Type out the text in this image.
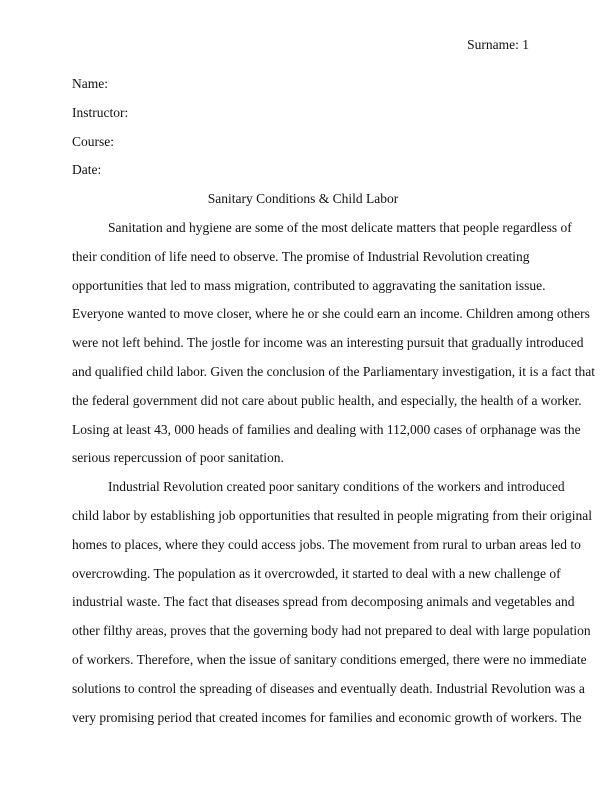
Surname: 1

Name:

Instructor:

Course:

Date:

Sanitary Conditions & Child Labor

Sanitation and hygiene are some of the most delicate matters that people regardless of
their condition of life need to observe. The promise of Industrial Revolution creating
opportunities that led to mass migration, contributed to aggravating the sanitation issue.
Everyone wanted to move closer, where he or she could earn an income. Children among others
were not left behind. The jostle for income was an interesting pursuit that gradually introduced
and qualified child labor. Given the conclusion of the Parliamentary investigation, it is a fact that
the federal government did not care about public health, and especially, the health of a worker.
Losing at least 43, 000 heads of families and dealing with 112,000 cases of orphanage was the
serious repercussion of poor sanitation.
Industrial Revolution created poor sanitary conditions of the workers and introduced
child labor by establishing job opportunities that resulted in people migrating from their original
homes to places, where they could access jobs. The movement from rural to urban areas led to
overcrowding. The population as it overcrowded, it started to deal with a new challenge of
industrial waste. The fact that diseases spread from decomposing animals and vegetables and
other filthy areas, proves that the governing body had not prepared to deal with large population
of workers. Therefore, when the issue of sanitary conditions emerged, there were no immediate
solutions to control the spreading of diseases and eventually death. Industrial Revolution was a
very promising period that created incomes for families and economic growth of workers. The
